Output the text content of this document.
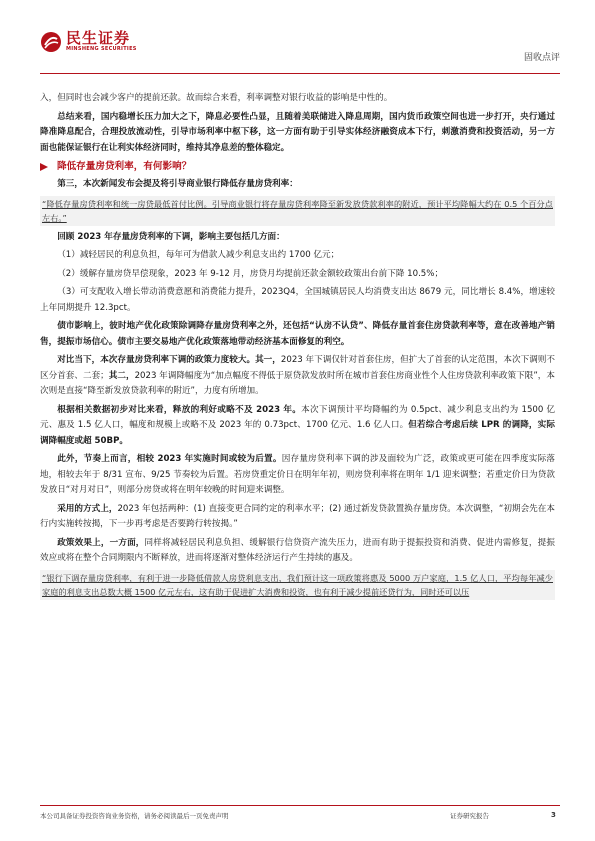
民生证券
MINSHENG SECURITIES
固收点评

入，但同时也会减少客户的提前还款。故而综合来看，利率调整对银行收益的影响是中性的。

总结来看，国内稳增长压力加大之下，降息必要性凸显，且随着美联储进入降息周期，国内货币政策空间也进一步打开，央行通过降准降息配合，合理投放流动性，引导市场利率中枢下移，这一方面有助于引导实体经济融资成本下行，刺激消费和投资活动，另一方面也能保证银行在让利实体经济同时，维持其净息差的整体稳定。

降低存量房贷利率，有何影响？

第三，本次新闻发布会提及将引导商业银行降低存量房贷利率：

“降低存量房贷利率和统一房贷最低首付比例。引导商业银行将存量房贷利率降至新发放贷款利率的附近，预计平均降幅大约在 0.5 个百分点左右。”

回顾 2023 年存量房贷利率的下调，影响主要包括几方面：

（1）减轻居民的利息负担，每年可为借款人减少利息支出约 1700 亿元；

（2）缓解存量房贷早偿现象，2023 年 9-12 月，房贷月均提前还款金额较政策出台前下降 10.5%；

（3）可支配收入增长带动消费意愿和消费能力提升，2023Q4，全国城镇居民人均消费支出达 8679 元，同比增长 8.4%，增速较上年同期提升 12.3pct。

债市影响上，彼时地产优化政策除调降存量房贷利率之外，还包括“认房不认贷”、降低存量首套住房贷款利率等，意在改善地产销售，提振市场信心。债市主要交易地产优化政策落地带动经济基本面修复的利空。

对比当下，本次存量房贷利率下调的政策力度较大。其一，2023 年下调仅针对首套住房，但扩大了首套的认定范围，本次下调则不区分首套、二套；其二，2023 年调降幅度为“加点幅度不得低于原贷款发放时所在城市首套住房商业性个人住房贷款利率政策下限”，本次则是直接“降至新发放贷款利率的附近”，力度有所增加。

根据相关数据初步对比来看，释放的利好或略不及 2023 年。本次下调预计平均降幅约为 0.5pct、减少利息支出约为 1500 亿元、惠及 1.5 亿人口，幅度和规模上或略不及 2023 年的 0.73pct、1700 亿元、1.6 亿人口。但若综合考虑后续 LPR 的调降，实际调降幅度或超 50BP。

此外，节奏上而言，相较 2023 年实施时间或较为后置。因存量房贷利率下调的涉及面较为广泛，政策或更可能在四季度实际落地，相较去年于 8/31 宣布、9/25 节奏较为后置。若房贷重定价日在明年年初，则房贷利率将在明年 1/1 迎来调整；若重定价日为贷款发放日“对月对日”，则部分房贷或将在明年较晚的时间迎来调整。

采用的方式上，2023 年包括两种：(1) 直接变更合同约定的利率水平；(2) 通过新发贷款置换存量房贷。本次调整，“初期会先在本行内实施转按揭，下一步再考虑是否要跨行转按揭。”

政策效果上，一方面，同样将减轻居民利息负担、缓解银行信贷资产流失压力，进而有助于提振投资和消费、促进内需修复，提振效应或将在整个合同期限内不断释放，进而将逐渐对整体经济运行产生持续的惠及。

“银行下调存量房贷利率，有利于进一步降低借款人房贷利息支出，我们预计这一项政策将惠及 5000 万户家庭，1.5 亿人口，平均每年减少家庭的利息支出总数大概 1500 亿元左右，这有助于促进扩大消费和投资，也有利于减少提前还贷行为，同时还可以压
本公司具备证券投资咨询业务资格，请务必阅读最后一页免责声明	证券研究报告	3
